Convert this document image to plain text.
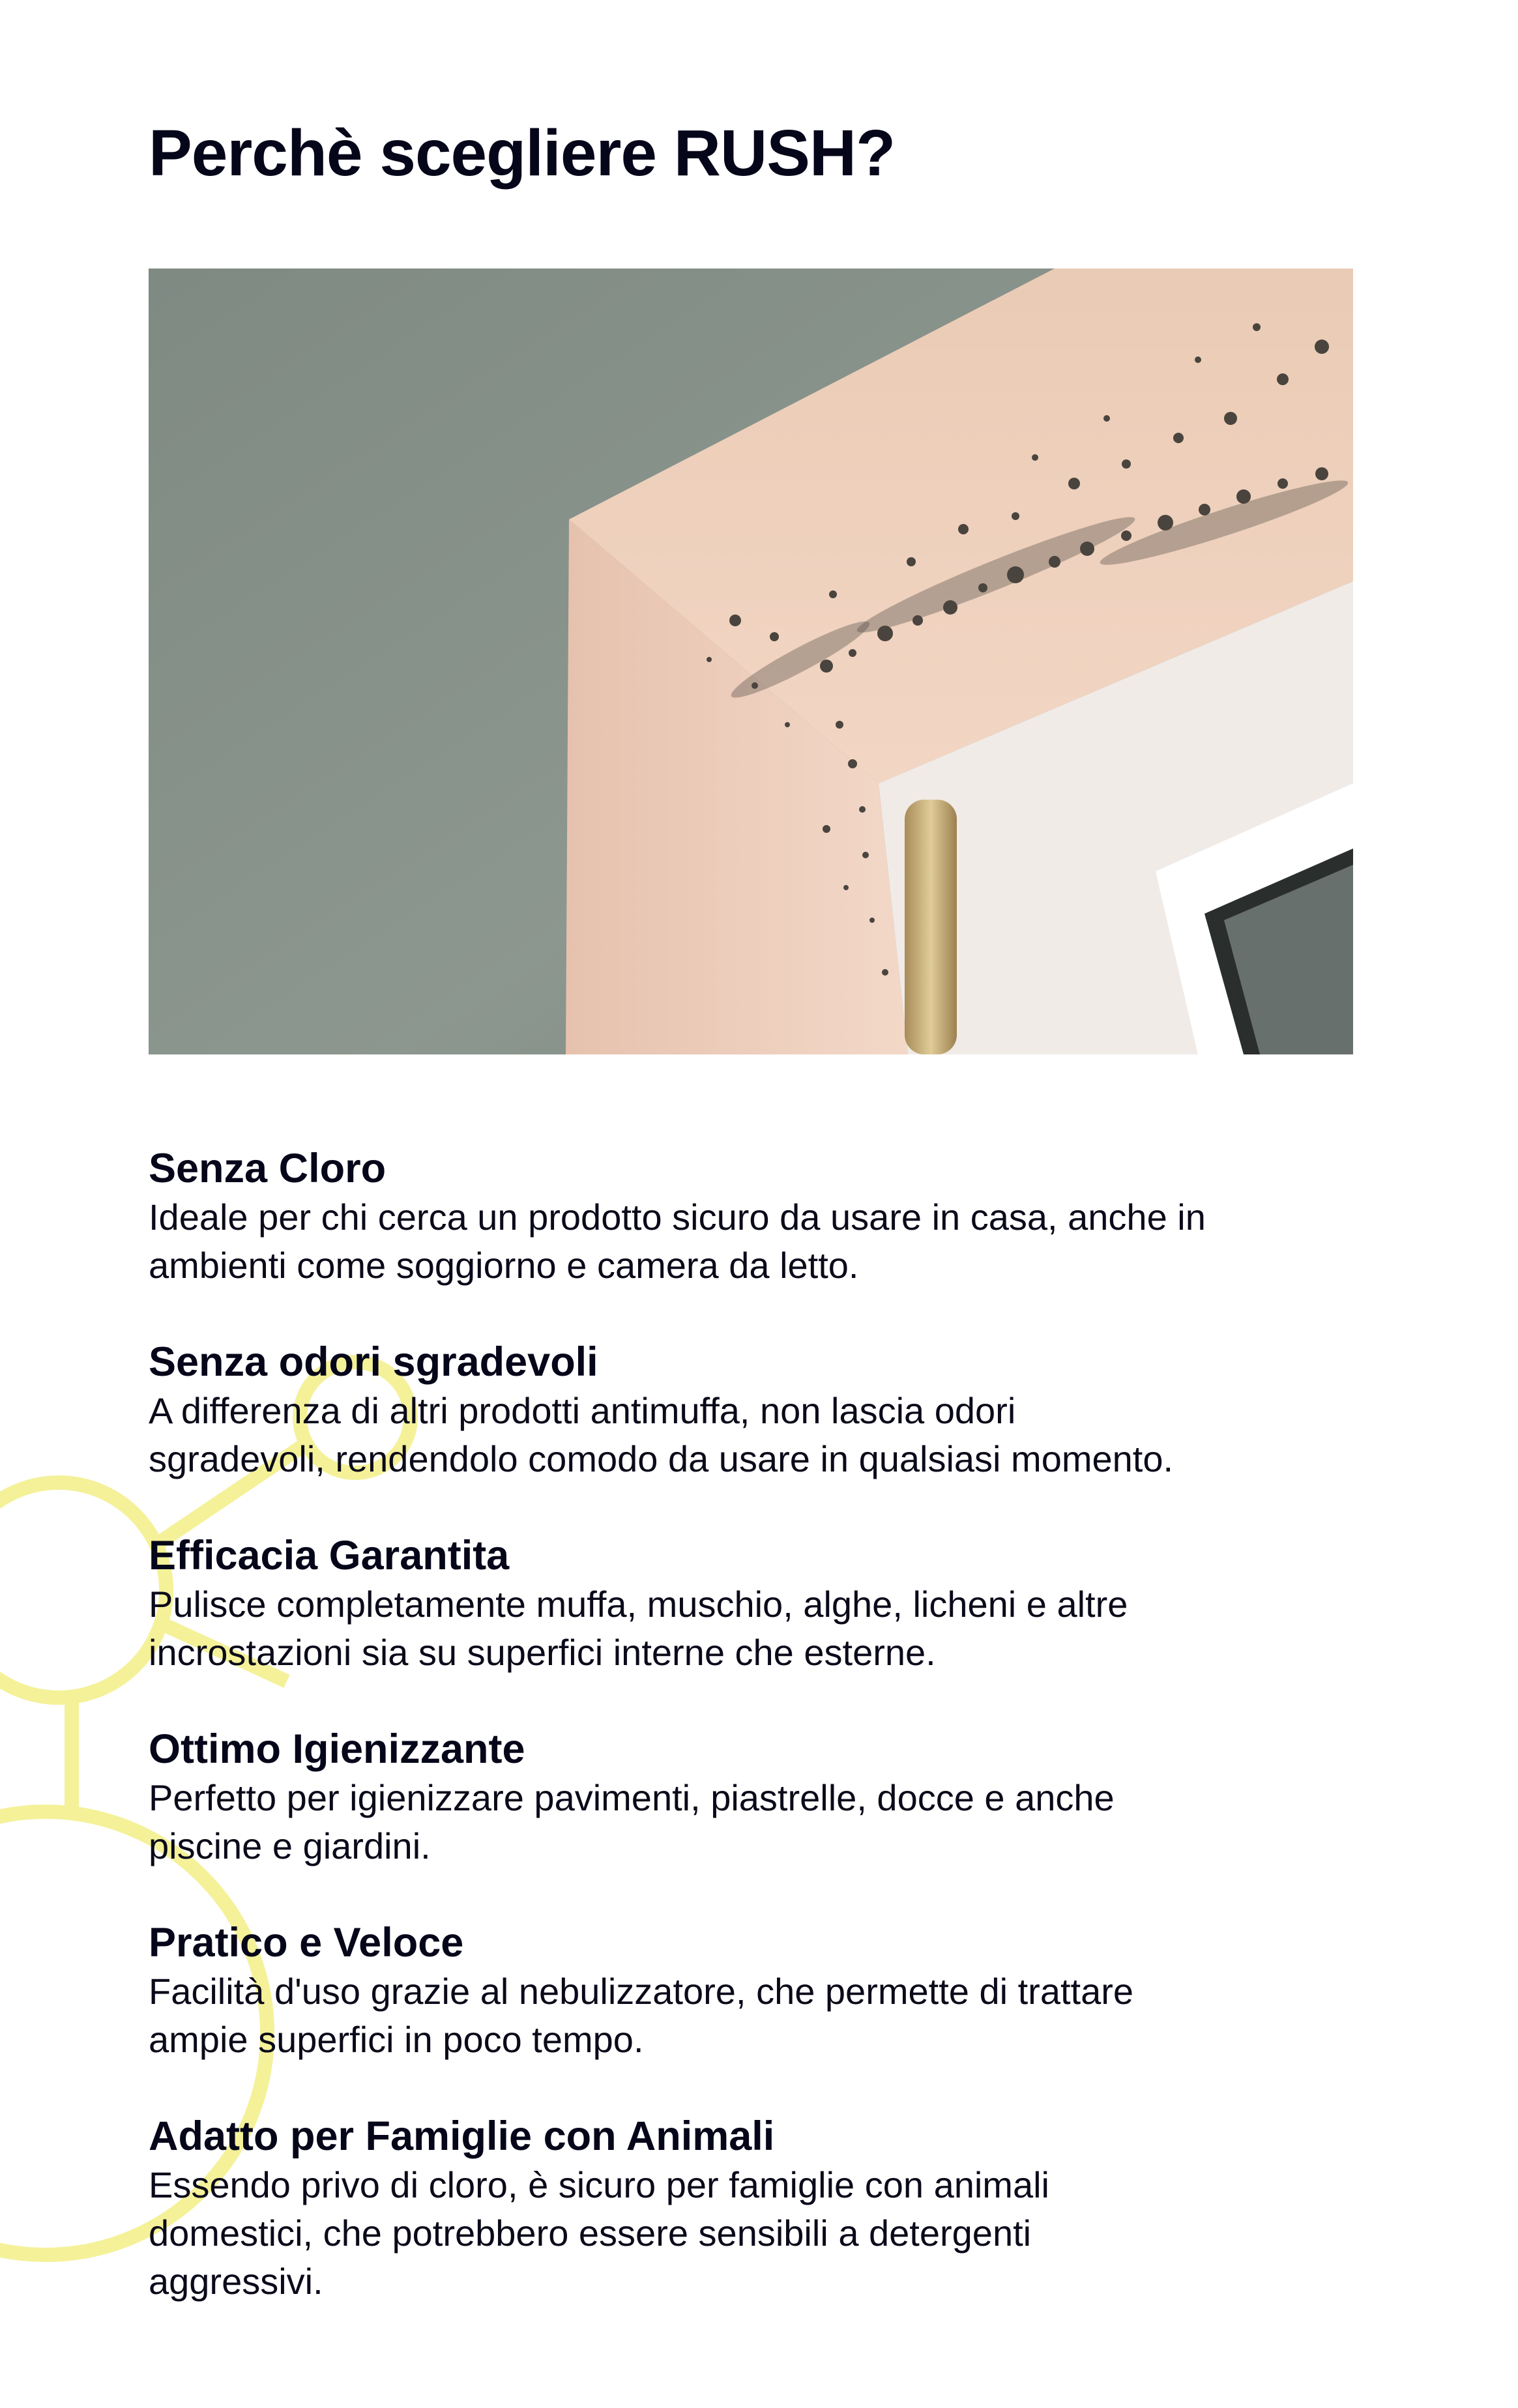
Perchè scegliere RUSH?

Senza Cloro

Ideale per chi cerca un prodotto sicuro da usare in casa, anche in
ambienti come soggiorno e camera da letto.

Senza odori sgradevoli

A differenza di altri prodotti antimuffa, non lascia odori
sgradevoli, rendendolo comodo da usare in qualsiasi momento.

Efficacia Garantita

Pulisce completamente muffa, muschio, alghe, licheni e altre
incrostazioni sia su superfici interne che esterne.

Ottimo Igienizzante

Perfetto per igienizzare pavimenti, piastrelle, docce e anche
piscine e giardini.

Pratico e Veloce

Facilità d'uso grazie al nebulizzatore, che permette di trattare
ampie superfici in poco tempo.

Adatto per Famiglie con Animali

Essendo privo di cloro, è sicuro per famiglie con animali
domestici, che potrebbero essere sensibili a detergenti
aggressivi.
